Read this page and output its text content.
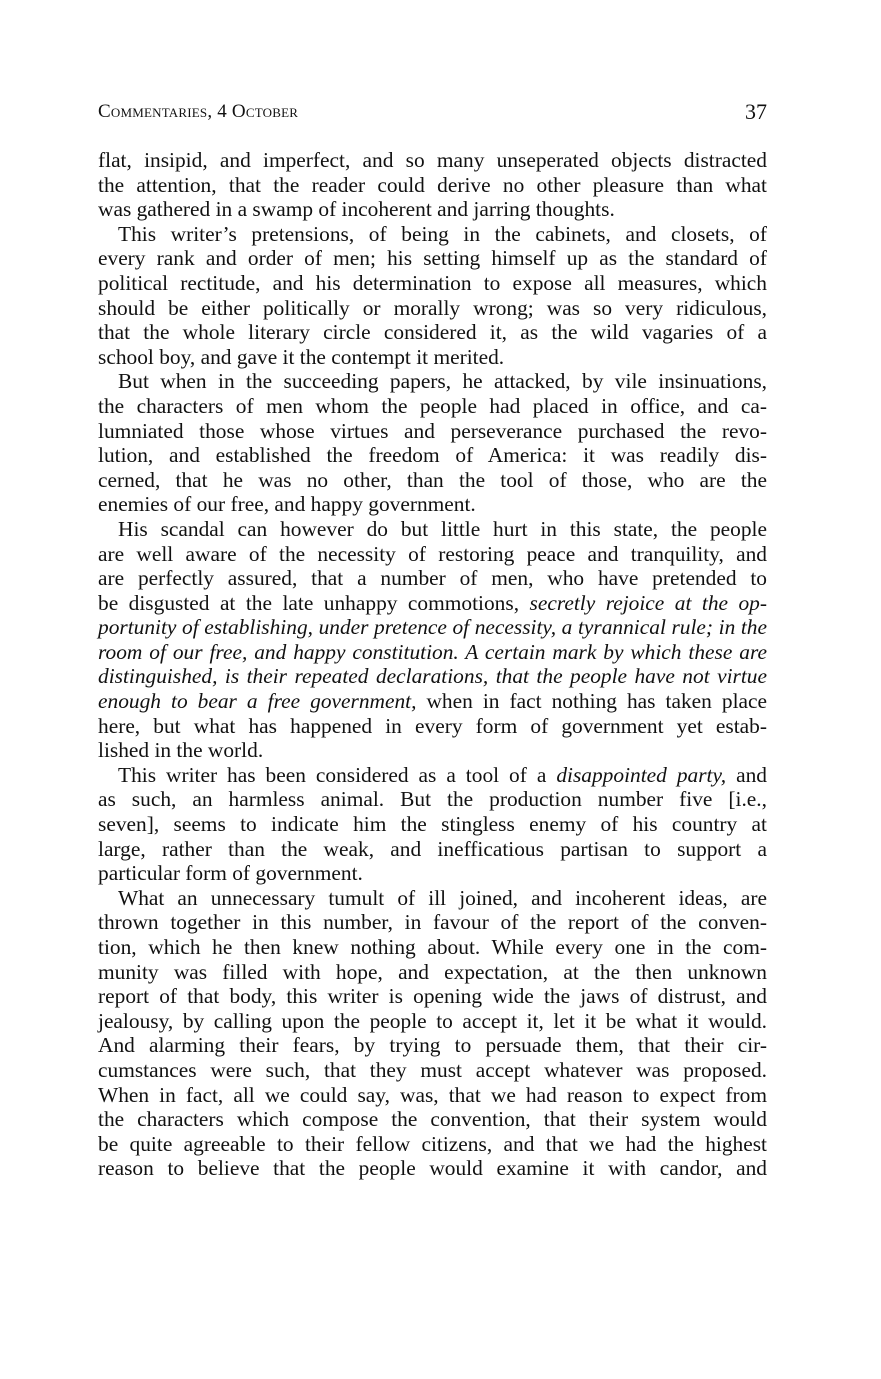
Commentaries, 4 October	37

flat, insipid, and imperfect, and so many unseperated objects distracted
the attention, that the reader could derive no other pleasure than what
was gathered in a swamp of incoherent and jarring thoughts.

This writer’s pretensions, of being in the cabinets, and closets, of
every rank and order of men; his setting himself up as the standard of
political rectitude, and his determination to expose all measures, which
should be either politically or morally wrong; was so very ridiculous,
that the whole literary circle considered it, as the wild vagaries of a
school boy, and gave it the contempt it merited.

But when in the succeeding papers, he attacked, by vile insinuations,
the characters of men whom the people had placed in office, and ca-
lumniated those whose virtues and perseverance purchased the revo-
lution, and established the freedom of America: it was readily dis-
cerned, that he was no other, than the tool of those, who are the
enemies of our free, and happy government.

His scandal can however do but little hurt in this state, the people
are well aware of the necessity of restoring peace and tranquility, and
are perfectly assured, that a number of men, who have pretended to
be disgusted at the late unhappy commotions, secretly rejoice at the op-
portunity of establishing, under pretence of necessity, a tyrannical rule; in the
room of our free, and happy constitution. A certain mark by which these are
distinguished, is their repeated declarations, that the people have not virtue
enough to bear a free government, when in fact nothing has taken place
here, but what has happened in every form of government yet estab-
lished in the world.

This writer has been considered as a tool of a disappointed party, and
as such, an harmless animal. But the production number five [i.e.,
seven], seems to indicate him the stingless enemy of his country at
large, rather than the weak, and inefficatious partisan to support a
particular form of government.

What an unnecessary tumult of ill joined, and incoherent ideas, are
thrown together in this number, in favour of the report of the conven-
tion, which he then knew nothing about. While every one in the com-
munity was filled with hope, and expectation, at the then unknown
report of that body, this writer is opening wide the jaws of distrust, and
jealousy, by calling upon the people to accept it, let it be what it would.
And alarming their fears, by trying to persuade them, that their cir-
cumstances were such, that they must accept whatever was proposed.
When in fact, all we could say, was, that we had reason to expect from
the characters which compose the convention, that their system would
be quite agreeable to their fellow citizens, and that we had the highest
reason to believe that the people would examine it with candor, and
